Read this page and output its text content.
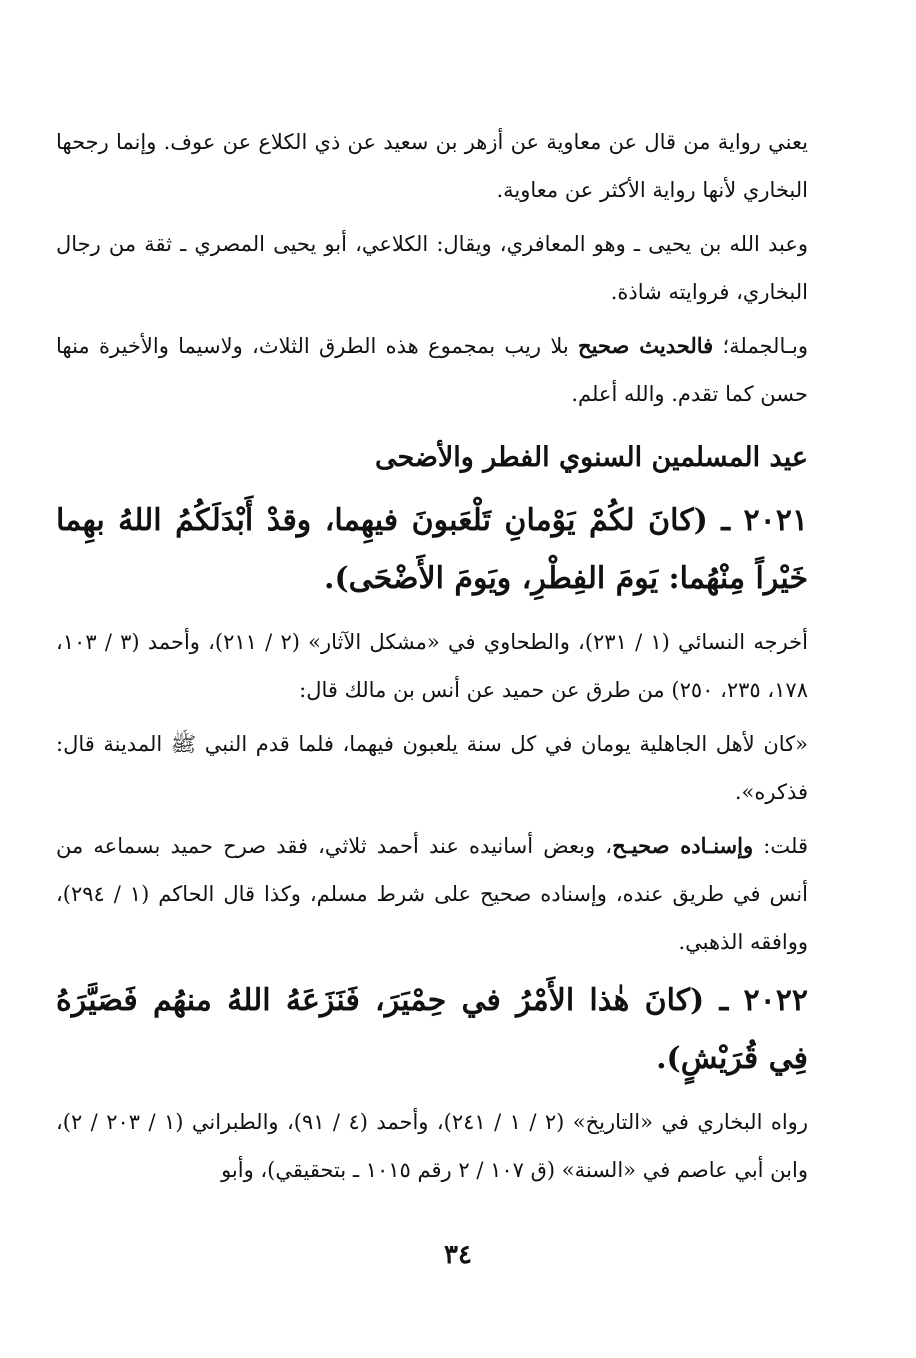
يعني رواية من قال عن معاوية عن أزهر بن سعيد عن ذي الكلاع عن عوف. وإنما رجحها البخاري لأنها رواية الأكثر عن معاوية.

وعبد الله بن يحيى ـ وهو المعافري، ويقال: الكلاعي، أبو يحيى المصري ـ ثقة من رجال البخاري، فروايته شاذة.

وبـالجملة؛ فالحديث صحيح بلا ريب بمجموع هذه الطرق الثلاث، ولاسيما والأخيرة منها حسن كما تقدم. والله أعلم.

عيد المسلمين السنوي الفطر والأضحى

٢٠٢١ ـ (كانَ لكُمْ يَوْمانِ تَلْعَبونَ فيهِما، وقدْ أَبْدَلَكُمُ اللهُ بهِما خَيْراً مِنْهُما: يَومَ الفِطْرِ، ويَومَ الأَضْحَى).

أخرجه النسائي (١ / ٢٣١)، والطحاوي في «مشكل الآثار» (٢ / ٢١١)، وأحمد (٣ / ١٠٣، ١٧٨، ٢٣٥، ٢٥٠) من طرق عن حميد عن أنس بن مالك قال:

«كان لأهل الجاهلية يومان في كل سنة يلعبون فيهما، فلما قدم النبي ﷺ المدينة قال: فذكره».

قلت: وإسنـاده صحيـح، وبعض أسانيده عند أحمد ثلاثي، فقد صرح حميد بسماعه من أنس في طريق عنده، وإسناده صحيح على شرط مسلم، وكذا قال الحاكم (١ / ٢٩٤)، ووافقه الذهبي.

٢٠٢٢ ـ (كانَ هٰذا الأَمْرُ في حِمْيَرَ، فَنَزَعَهُ اللهُ منهُم فَصَيَّرَهُ فِي قُرَيْشٍ).

رواه البخاري في «التاريخ» (٢ / ١ / ٢٤١)، وأحمد (٤ / ٩١)، والطبراني (١ / ٢٠٣ / ٢)، وابن أبي عاصم في «السنة» (ق ١٠٧ / ٢ رقم ١٠١٥ ـ بتحقيقي)، وأبو

٣٤
